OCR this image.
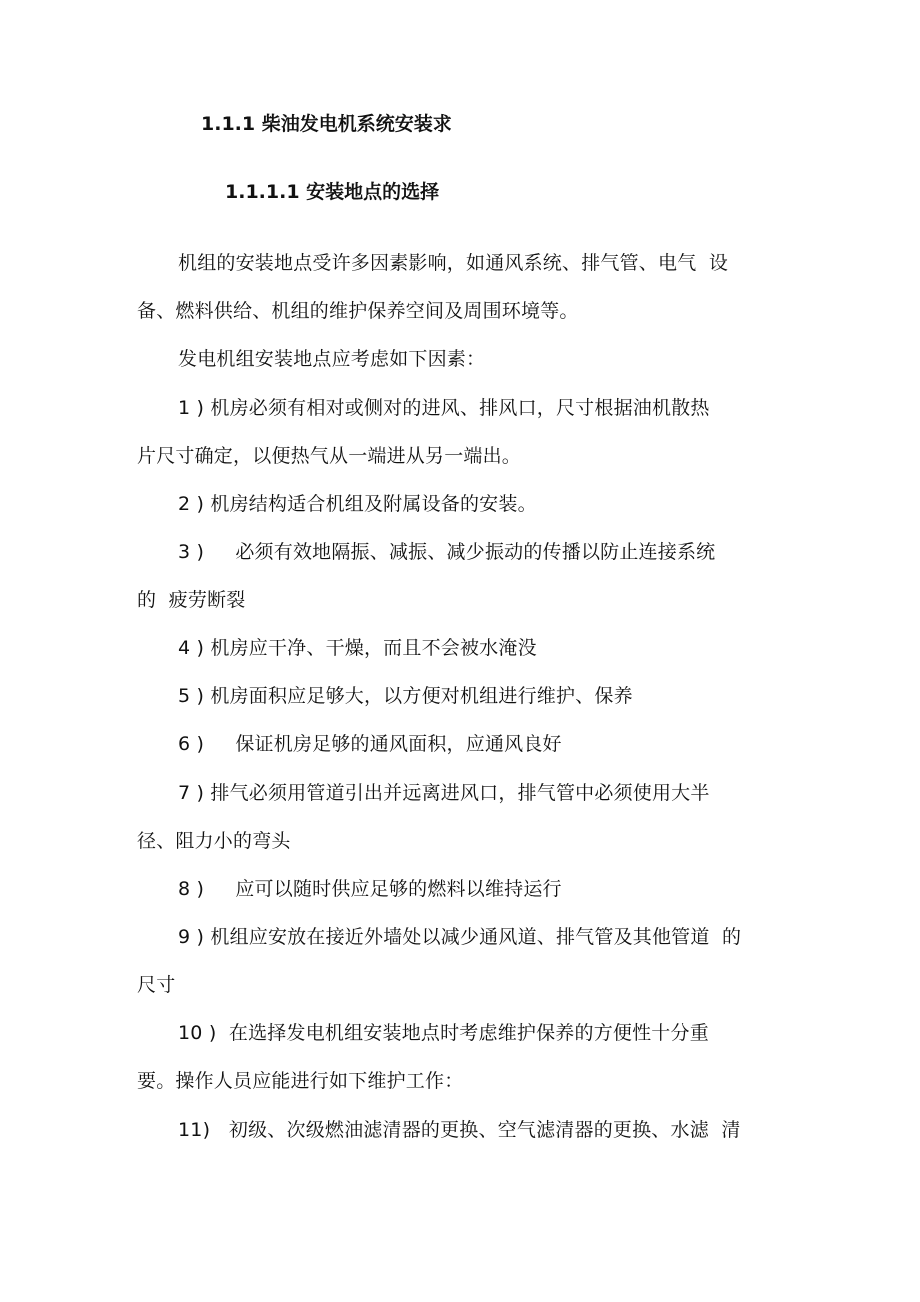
1.1.1 柴油发电机系统安装求
1.1.1.1 安装地点的选择
机组的安装地点受许多因素影响，如通风系统、排气管、电气  设
备、燃料供给、机组的维护保养空间及周围环境等。
发电机组安装地点应考虑如下因素：
1 ) 机房必须有相对或侧对的进风、排风口，尺寸根据油机散热
片尺寸确定，以便热气从一端进从另一端出。
2 ) 机房结构适合机组及附属设备的安装。
3 )     必须有效地隔振、减振、减少振动的传播以防止连接系统
的  疲劳断裂
4 ) 机房应干净、干燥，而且不会被水淹没
5 ) 机房面积应足够大，以方便对机组进行维护、保养
6 )     保证机房足够的通风面积，应通风良好
7 ) 排气必须用管道引出并远离进风口，排气管中必须使用大半
径、阻力小的弯头
8 )     应可以随时供应足够的燃料以维持运行
9 ) 机组应安放在接近外墙处以减少通风道、排气管及其他管道  的
尺寸
10 )  在选择发电机组安装地点时考虑维护保养的方便性十分重
要。操作人员应能进行如下维护工作：
11)   初级、次级燃油滤清器的更换、空气滤清器的更换、水滤  清
